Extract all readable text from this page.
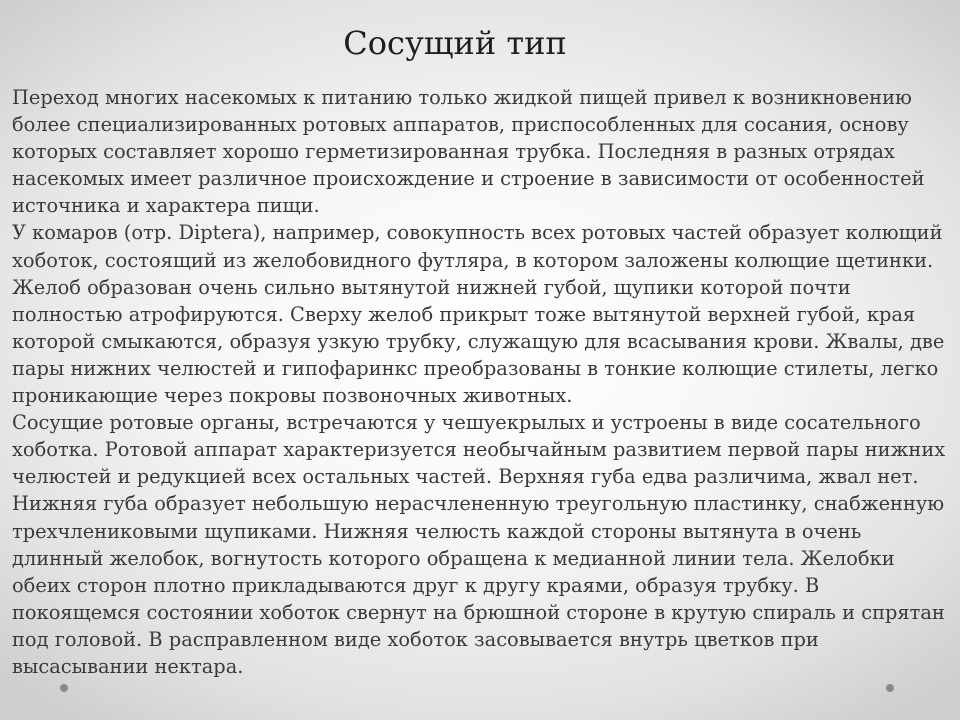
Сосущий тип

Переход многих насекомых к питанию только жидкой пищей привел к возникновению более специализированных ротовых аппаратов, приспособленных для сосания, основу которых составляет хорошо герметизированная трубка. Последняя в разных отрядах насекомых имеет различное происхождение и строение в зависимости от особенностей источника и характера пищи.

У комаров (отр. Diptera), например, совокупность всех ротовых частей образует колющий хоботок, состоящий из желобовидного футляра, в котором заложены колющие щетинки. Желоб образован очень сильно вытянутой нижней губой, щупики которой почти полностью атрофируются. Сверху желоб прикрыт тоже вытянутой верхней губой, края которой смыкаются, образуя узкую трубку, служащую для всасывания крови. Жвалы, две пары нижних челюстей и гипофаринкс преобразованы в тонкие колющие стилеты, легко проникающие через покровы позвоночных животных.

Сосущие ротовые органы, встречаются у чешуекрылых и устроены в виде сосательного хоботка. Ротовой аппарат характеризуется необычайным развитием первой пары нижних челюстей и редукцией всех остальных частей. Верхняя губа едва различима, жвал нет. Нижняя губа образует небольшую нерасчлененную треугольную пластинку, снабженную трехчлениковыми щупиками. Нижняя челюсть каждой стороны вытянута в очень длинный желобок, вогнутость которого обращена к медианной линии тела. Желобки обеих сторон плотно прикладываются друг к другу краями, образуя трубку. В покоящемся состоянии хоботок свернут на брюшной стороне в крутую спираль и спрятан под головой. В расправленном виде хоботок засовывается внутрь цветков при высасывании нектара.
